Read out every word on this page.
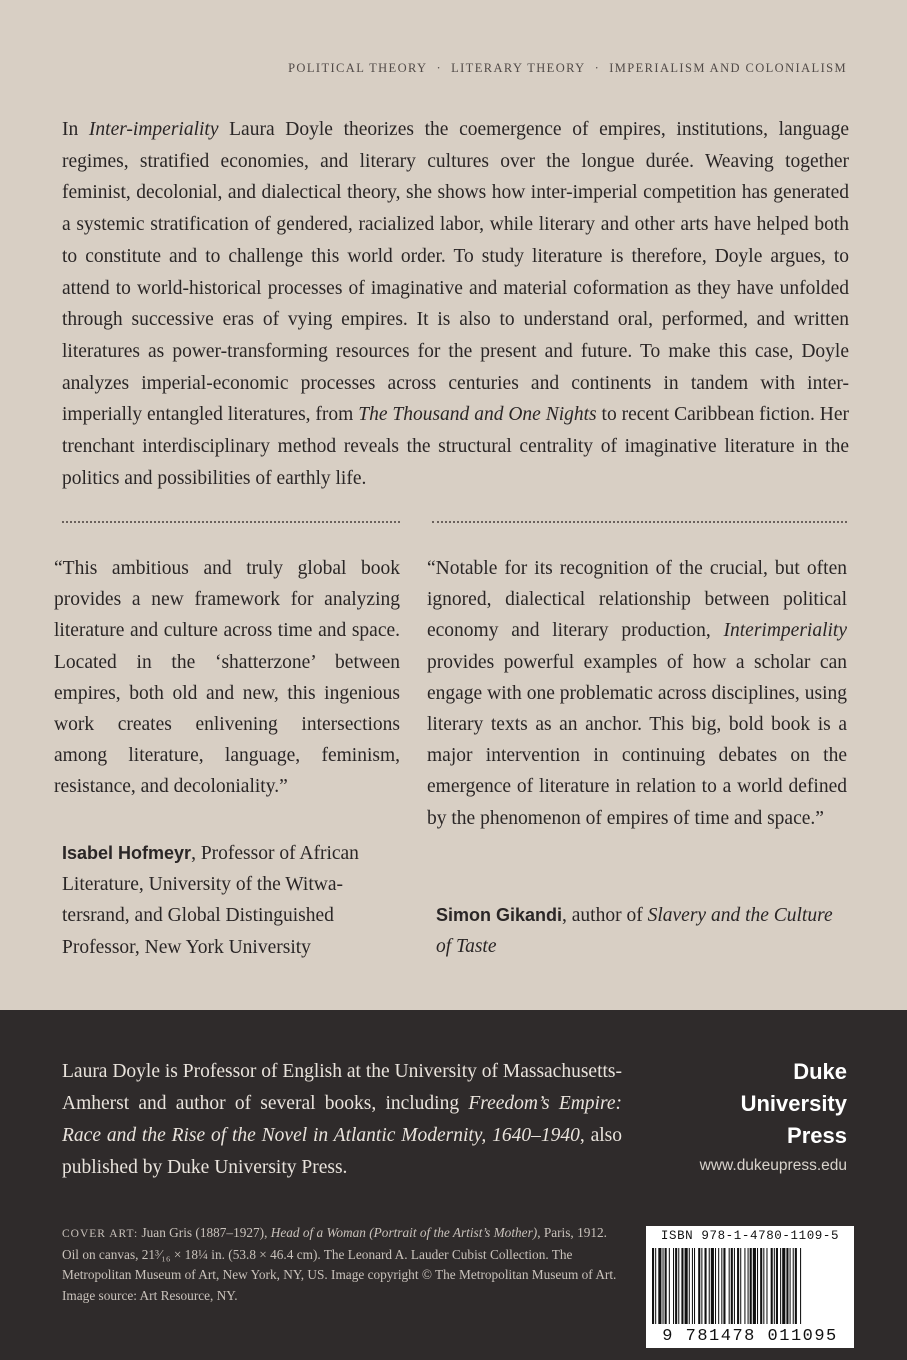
POLITICAL THEORY · LITERARY THEORY · IMPERIALISM AND COLONIALISM

In Inter-imperiality Laura Doyle theorizes the coemergence of empires, institutions, language regimes, stratified economies, and literary cultures over the longue durée. Weaving together feminist, decolonial, and dialectical theory, she shows how inter-imperial competition has generated a systemic stratification of gendered, racialized labor, while literary and other arts have helped both to constitute and to challenge this world order. To study literature is therefore, Doyle argues, to attend to world-historical processes of imaginative and material coformation as they have unfolded through successive eras of vying empires. It is also to understand oral, performed, and written literatures as power-transforming resources for the present and future. To make this case, Doyle analyzes imperial-economic processes across centuries and continents in tandem with inter-imperially entangled literatures, from The Thousand and One Nights to recent Caribbean fiction. Her trenchant interdisciplinary method reveals the structural centrality of imaginative literature in the politics and possibilities of earthly life.

“This ambitious and truly global book provides a new framework for analyzing literature and culture across time and space. Located in the ‘shatterzone’ between empires, both old and new, this ingenious work creates enlivening intersections among literature, language, feminism, resistance, and decoloniality.”

Isabel Hofmeyr, Professor of African Literature, University of the Witwatersrand, and Global Distinguished Professor, New York University

“Notable for its recognition of the crucial, but often ignored, dialectical relationship between political economy and literary production, Interimperiality provides powerful examples of how a scholar can engage with one problematic across disciplines, using literary texts as an anchor. This big, bold book is a major intervention in continuing debates on the emergence of literature in relation to a world defined by the phenomenon of empires of time and space.”

Simon Gikandi, author of Slavery and the Culture of Taste

Laura Doyle is Professor of English at the University of Massachusetts-Amherst and author of several books, including Freedom’s Empire: Race and the Rise of the Novel in Atlantic Modernity, 1640–1940, also published by Duke University Press.

Duke
University
Press
www.dukeupress.edu

COVER ART: Juan Gris (1887–1927), Head of a Woman (Portrait of the Artist’s Mother), Paris, 1912. Oil on canvas, 21³⁄₁₆ × 18¼ in. (53.8 × 46.4 cm). The Leonard A. Lauder Cubist Collection. The Metropolitan Museum of Art, New York, NY, US. Image copyright © The Metropolitan Museum of Art. Image source: Art Resource, NY.

ISBN 978-1-4780-1109-5
9 781478 011095
